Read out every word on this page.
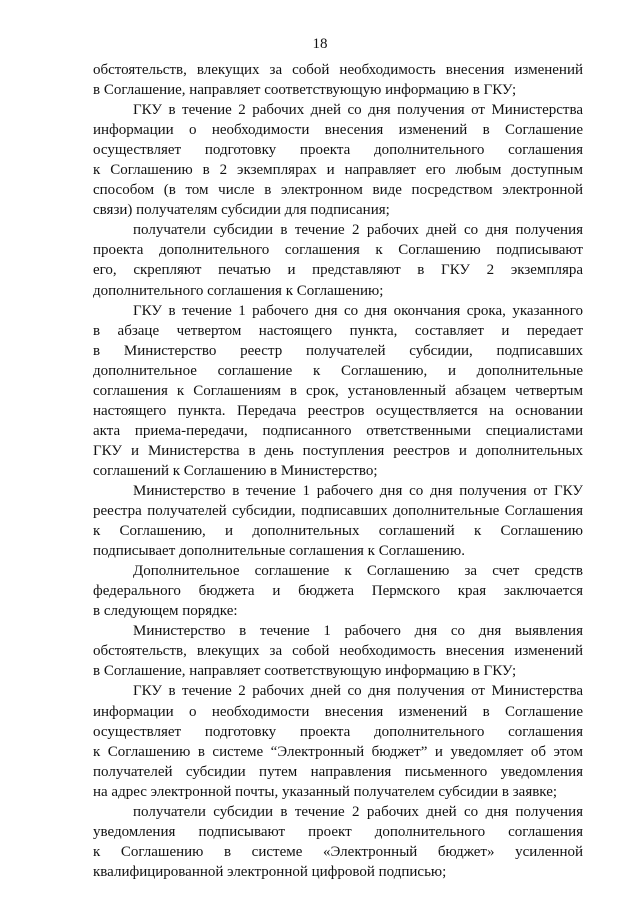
18
обстоятельств, влекущих за собой необходимость внесения изменений
в Соглашение, направляет соответствующую информацию в ГКУ;
ГКУ в течение 2 рабочих дней со дня получения от Министерства
информации о необходимости внесения изменений в Соглашение
осуществляет подготовку проекта дополнительного соглашения
к Соглашению в 2 экземплярах и направляет его любым доступным
способом (в том числе в электронном виде посредством электронной
связи) получателям субсидии для подписания;
получатели субсидии в течение 2 рабочих дней со дня получения
проекта дополнительного соглашения к Соглашению подписывают
его, скрепляют печатью и представляют в ГКУ 2 экземпляра
дополнительного соглашения к Соглашению;
ГКУ в течение 1 рабочего дня со дня окончания срока, указанного
в абзаце четвертом настоящего пункта, составляет и передает
в Министерство реестр получателей субсидии, подписавших
дополнительное соглашение к Соглашению, и дополнительные
соглашения к Соглашениям в срок, установленный абзацем четвертым
настоящего пункта. Передача реестров осуществляется на основании
акта приема-передачи, подписанного ответственными специалистами
ГКУ и Министерства в день поступления реестров и дополнительных
соглашений к Соглашению в Министерство;
Министерство в течение 1 рабочего дня со дня получения от ГКУ
реестра получателей субсидии, подписавших дополнительные Соглашения
к Соглашению, и дополнительных соглашений к Соглашению
подписывает дополнительные соглашения к Соглашению.
Дополнительное соглашение к Соглашению за счет средств
федерального бюджета и бюджета Пермского края заключается
в следующем порядке:
Министерство в течение 1 рабочего дня со дня выявления
обстоятельств, влекущих за собой необходимость внесения изменений
в Соглашение, направляет соответствующую информацию в ГКУ;
ГКУ в течение 2 рабочих дней со дня получения от Министерства
информации о необходимости внесения изменений в Соглашение
осуществляет подготовку проекта дополнительного соглашения
к Соглашению в системе “Электронный бюджет” и уведомляет об этом
получателей субсидии путем направления письменного уведомления
на адрес электронной почты, указанный получателем субсидии в заявке;
получатели субсидии в течение 2 рабочих дней со дня получения
уведомления подписывают проект дополнительного соглашения
к Соглашению в системе «Электронный бюджет» усиленной
квалифицированной электронной цифровой подписью;
